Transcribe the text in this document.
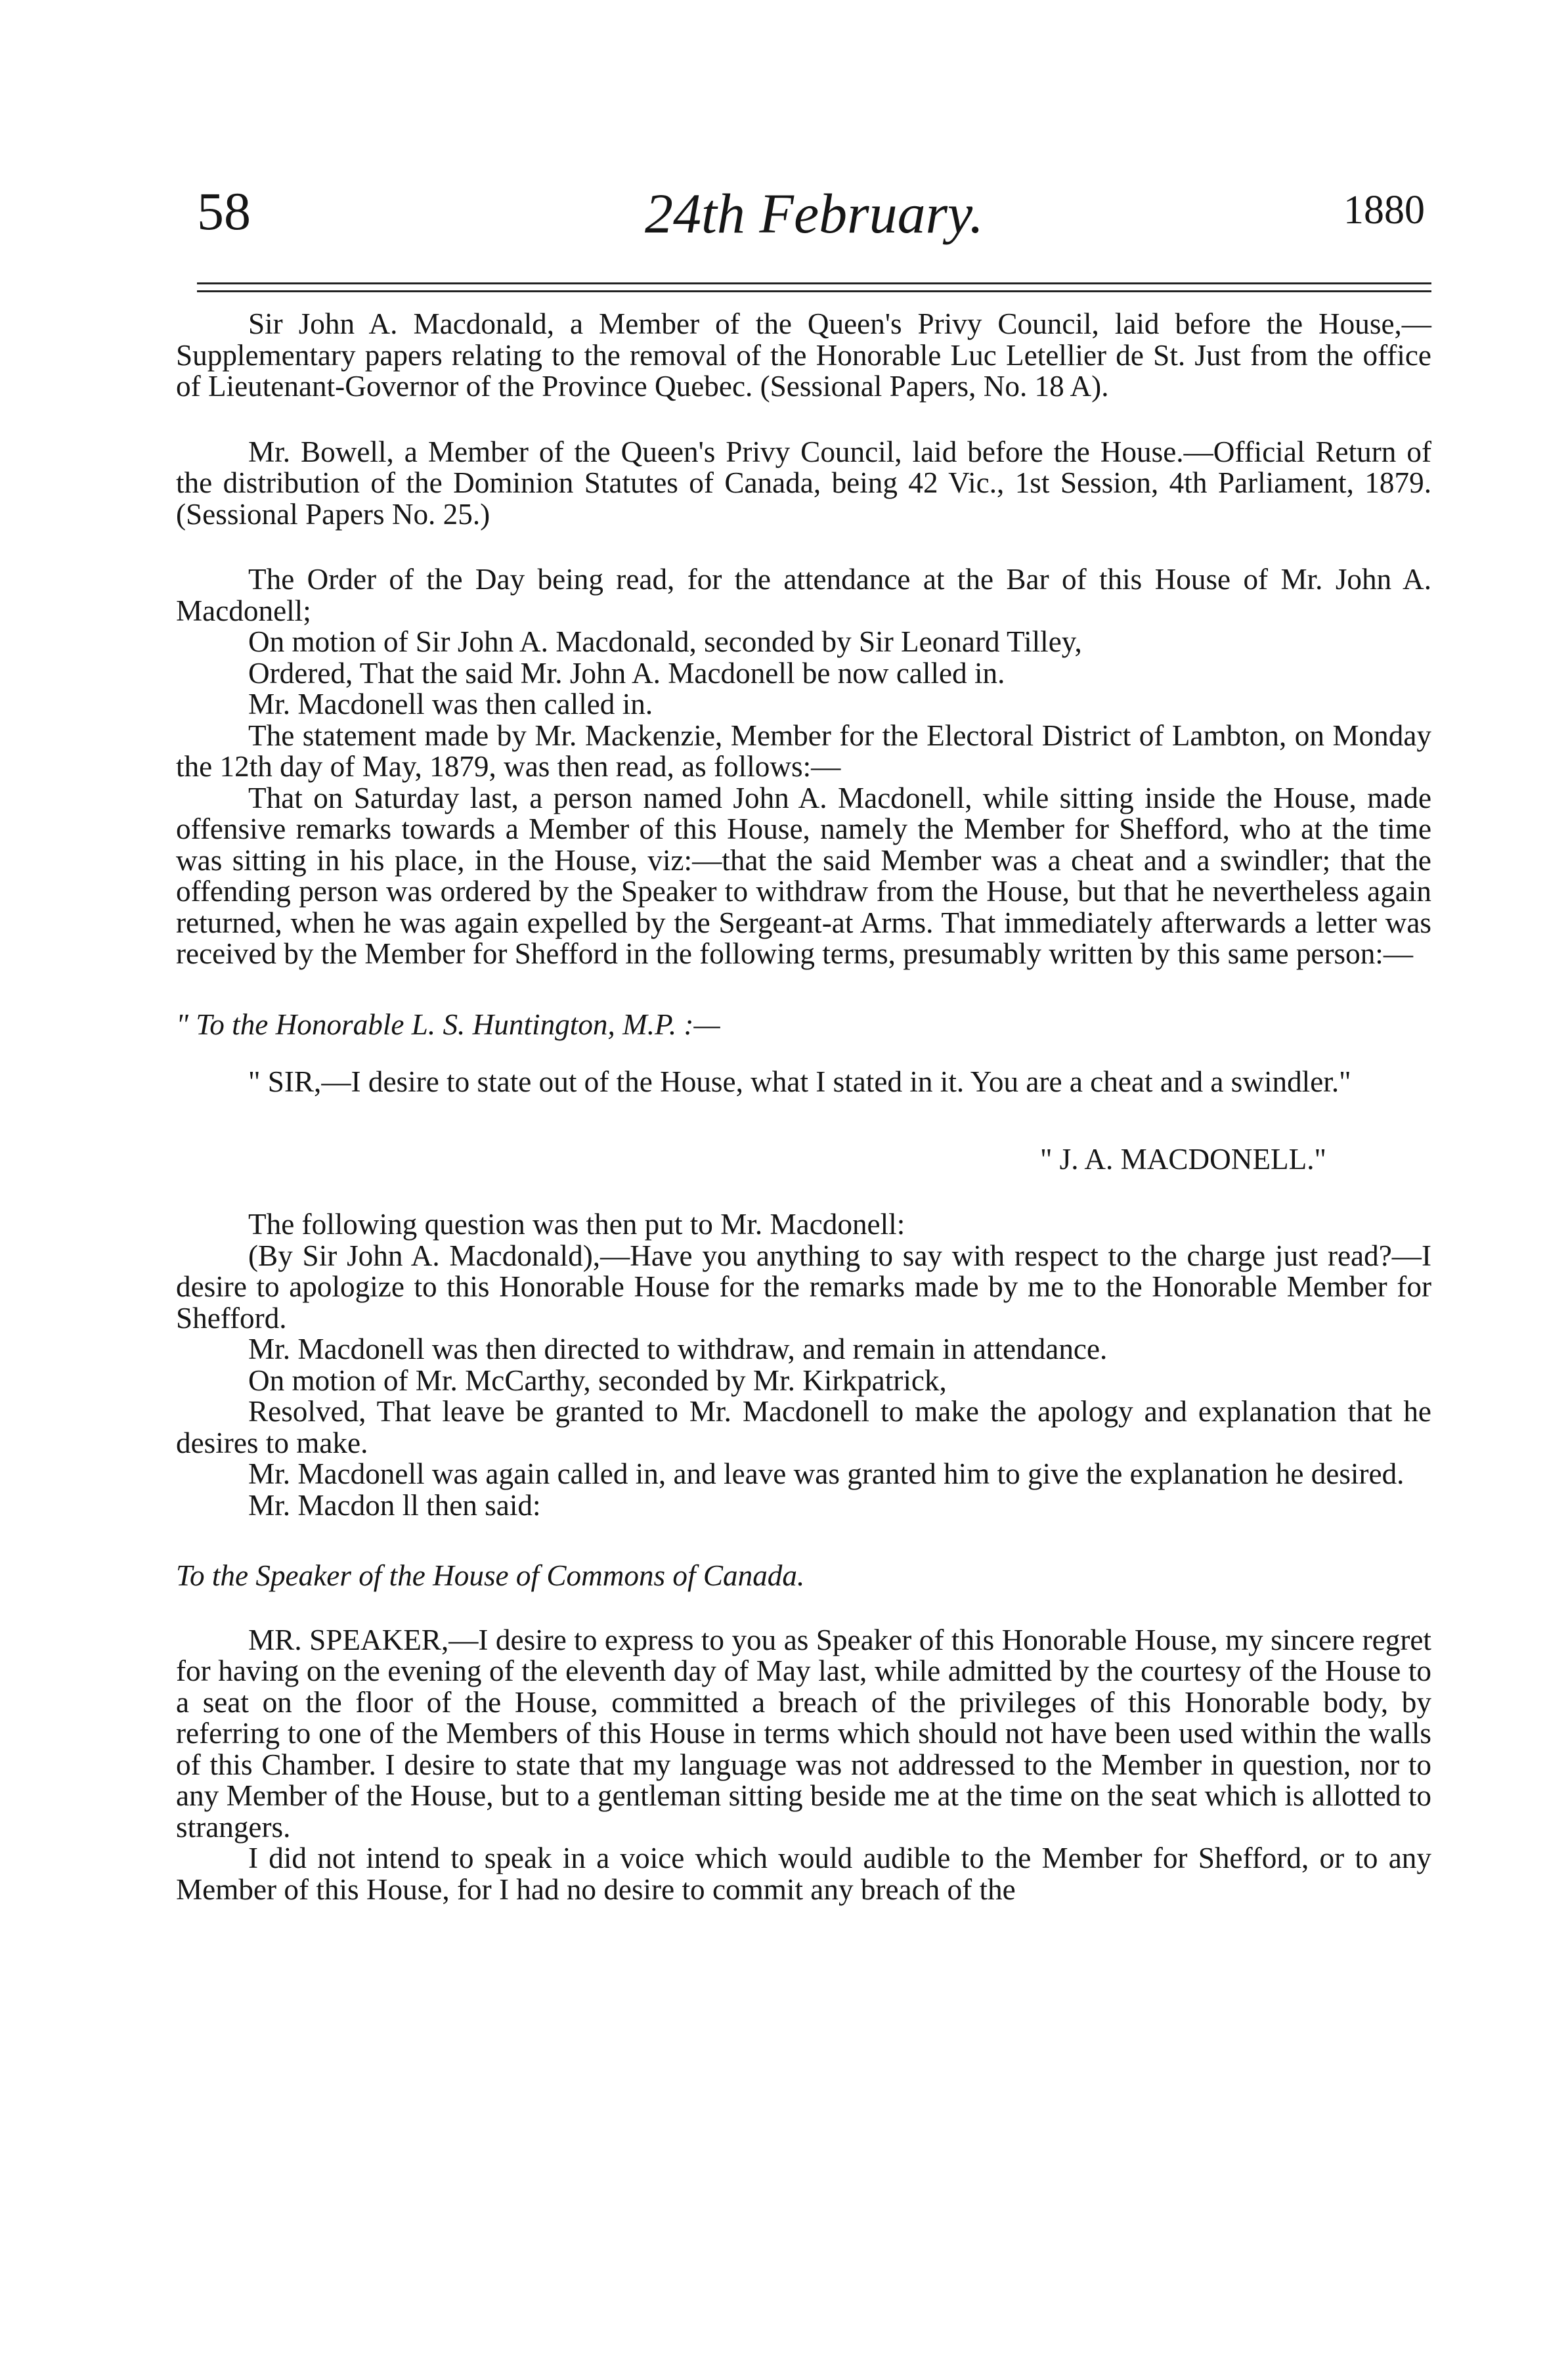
58	24th February.	1880

Sir John A. Macdonald, a Member of the Queen's Privy Council, laid before the House,—Supplementary papers relating to the removal of the Honorable Luc Letellier de St. Just from the office of Lieutenant-Governor of the Province Quebec. (Sessional Papers, No. 18 A).

Mr. Bowell, a Member of the Queen's Privy Council, laid before the House.—Official Return of the distribution of the Dominion Statutes of Canada, being 42 Vic., 1st Session, 4th Parliament, 1879. (Sessional Papers No. 25.)

The Order of the Day being read, for the attendance at the Bar of this House of Mr. John A. Macdonell;

On motion of Sir John A. Macdonald, seconded by Sir Leonard Tilley,

Ordered, That the said Mr. John A. Macdonell be now called in.

Mr. Macdonell was then called in.

The statement made by Mr. Mackenzie, Member for the Electoral District of Lambton, on Monday the 12th day of May, 1879, was then read, as follows:—

That on Saturday last, a person named John A. Macdonell, while sitting inside the House, made offensive remarks towards a Member of this House, namely the Member for Shefford, who at the time was sitting in his place, in the House, viz:—that the said Member was a cheat and a swindler; that the offending person was ordered by the Speaker to withdraw from the House, but that he nevertheless again returned, when he was again expelled by the Sergeant-at Arms. That immediately afterwards a letter was received by the Member for Shefford in the following terms, presumably written by this same person:—

" To the Honorable L. S. Huntington, M.P. :—

" SIR,—I desire to state out of the House, what I stated in it. You are a cheat and a swindler."

" J. A. MACDONELL."

The following question was then put to Mr. Macdonell:

(By Sir John A. Macdonald),—Have you anything to say with respect to the charge just read?—I desire to apologize to this Honorable House for the remarks made by me to the Honorable Member for Shefford.

Mr. Macdonell was then directed to withdraw, and remain in attendance.

On motion of Mr. McCarthy, seconded by Mr. Kirkpatrick,

Resolved, That leave be granted to Mr. Macdonell to make the apology and explanation that he desires to make.

Mr. Macdonell was again called in, and leave was granted him to give the explanation he desired.

Mr. Macdon ll then said:

To the Speaker of the House of Commons of Canada.

MR. SPEAKER,—I desire to express to you as Speaker of this Honorable House, my sincere regret for having on the evening of the eleventh day of May last, while admitted by the courtesy of the House to a seat on the floor of the House, committed a breach of the privileges of this Honorable body, by referring to one of the Members of this House in terms which should not have been used within the walls of this Chamber. I desire to state that my language was not addressed to the Member in question, nor to any Member of the House, but to a gentleman sitting beside me at the time on the seat which is allotted to strangers.

I did not intend to speak in a voice which would audible to the Member for Shefford, or to any Member of this House, for I had no desire to commit any breach of the
